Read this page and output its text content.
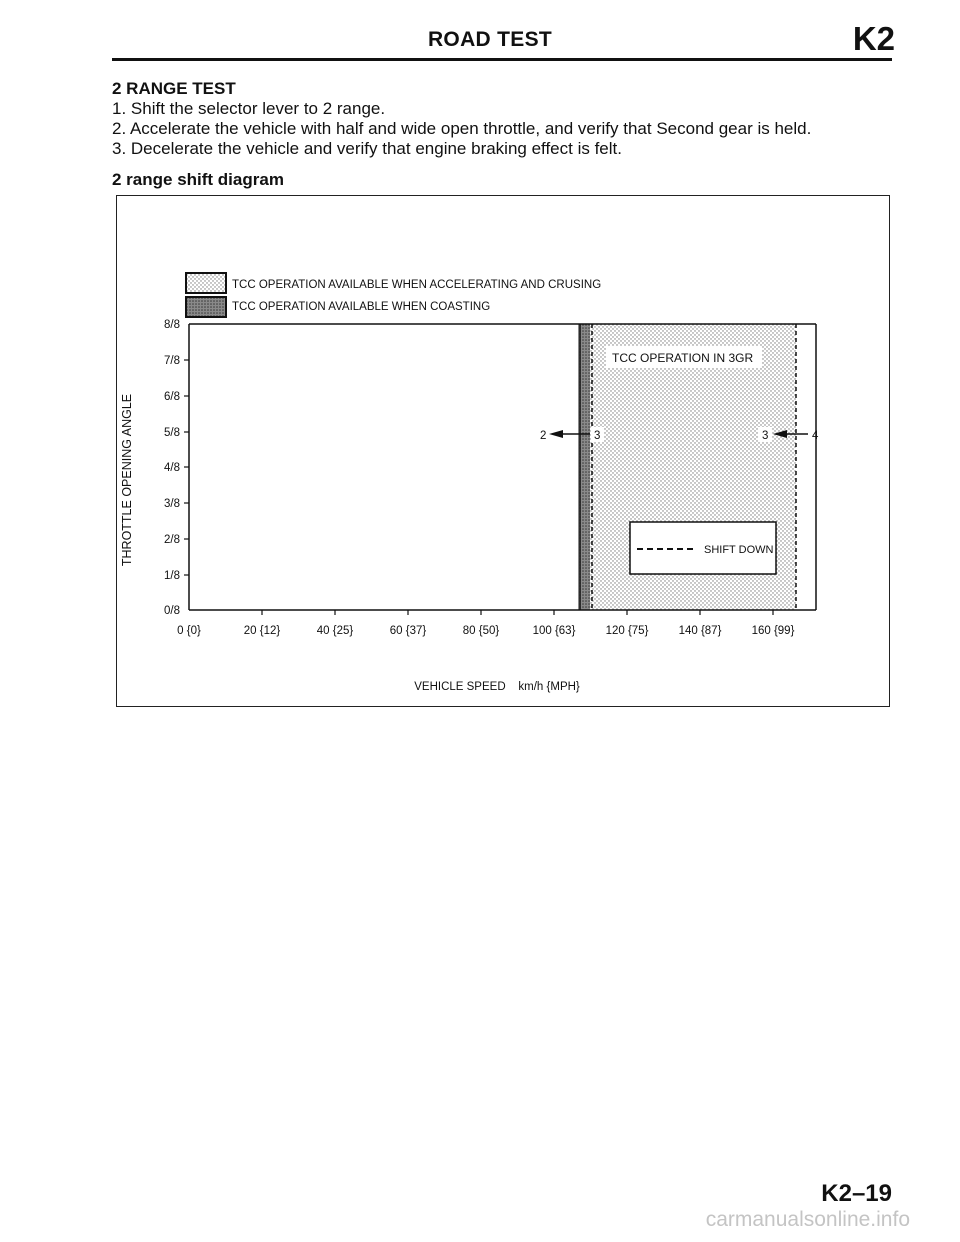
ROAD TEST	K2
2 RANGE TEST
1. Shift the selector lever to 2 range.
2. Accelerate the vehicle with half and wide open throttle, and verify that Second gear is held.
3. Decelerate the vehicle and verify that engine braking effect is felt.
2 range shift diagram
TCC OPERATION AVAILABLE WHEN ACCELERATING AND CRUSING
TCC OPERATION AVAILABLE WHEN COASTING
THROTTLE OPENING ANGLE
8/8
7/8
6/8
5/8
4/8
3/8
2/8
1/8
0/8
0 {0}	20 {12}	40 {25}	60 {37}	80 {50}	100 {63}	120 {75}	140 {87}	160 {99}
VEHICLE SPEED    km/h {MPH}
TCC OPERATION IN 3GR
2	3	3	4
SHIFT DOWN
K2–19
carmanualsonline.info
